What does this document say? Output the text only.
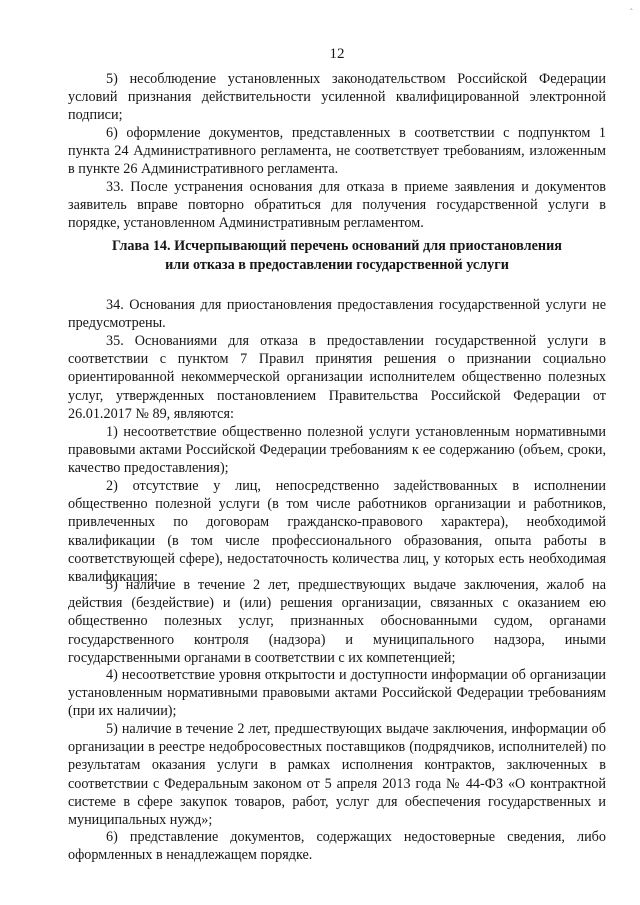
12

5) несоблюдение установленных законодательством Российской Федерации условий признания действительности усиленной квалифицированной электронной подписи;

6) оформление документов, представленных в соответствии с подпунктом 1 пункта 24 Административного регламента, не соответствует требованиям, изложенным в пункте 26 Административного регламента.

33. После устранения основания для отказа в приеме заявления и документов заявитель вправе повторно обратиться для получения государственной услуги в порядке, установленном Административным регламентом.

Глава 14. Исчерпывающий перечень оснований для приостановления
или отказа в предоставлении государственной услуги

34. Основания для приостановления предоставления государственной услуги не предусмотрены.

35. Основаниями для отказа в предоставлении государственной услуги в соответствии с пунктом 7 Правил принятия решения о признании социально ориентированной некоммерческой организации исполнителем общественно полезных услуг, утвержденных постановлением Правительства Российской Федерации от 26.01.2017 № 89, являются:

1) несоответствие общественно полезной услуги установленным нормативными правовыми актами Российской Федерации требованиям к ее содержанию (объем, сроки, качество предоставления);

2) отсутствие у лиц, непосредственно задействованных в исполнении общественно полезной услуги (в том числе работников организации и работников, привлеченных по договорам гражданско-правового характера), необходимой квалификации (в том числе профессионального образования, опыта работы в соответствующей сфере), недостаточность количества лиц, у которых есть необходимая квалификация;

3) наличие в течение 2 лет, предшествующих выдаче заключения, жалоб на действия (бездействие) и (или) решения организации, связанных с оказанием ею общественно полезных услуг, признанных обоснованными судом, органами государственного контроля (надзора) и муниципального надзора, иными государственными органами в соответствии с их компетенцией;

4) несоответствие уровня открытости и доступности информации об организации установленным нормативными правовыми актами Российской Федерации требованиям (при их наличии);

5) наличие в течение 2 лет, предшествующих выдаче заключения, информации об организации в реестре недобросовестных поставщиков (подрядчиков, исполнителей) по результатам оказания услуги в рамках исполнения контрактов, заключенных в соответствии с Федеральным законом от 5 апреля 2013 года № 44-ФЗ «О контрактной системе в сфере закупок товаров, работ, услуг для обеспечения государственных и муниципальных нужд»;

6) представление документов, содержащих недостоверные сведения, либо оформленных в ненадлежащем порядке.

‸
